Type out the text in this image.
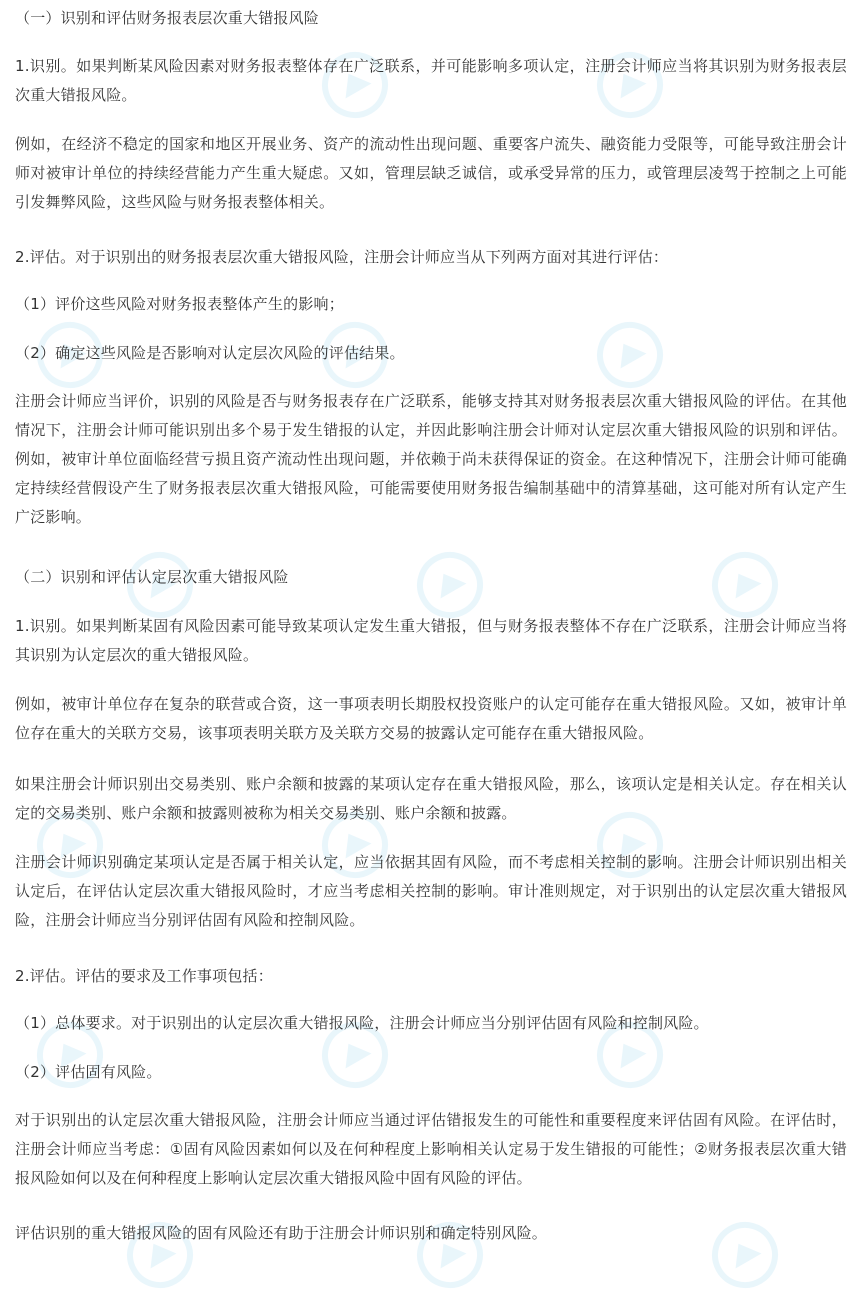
（一）识别和评估财务报表层次重大错报风险

1.识别。如果判断某风险因素对财务报表整体存在广泛联系，并可能影响多项认定，注册会计师应当将其识别为财务报表层次重大错报风险。

例如，在经济不稳定的国家和地区开展业务、资产的流动性出现问题、重要客户流失、融资能力受限等，可能导致注册会计师对被审计单位的持续经营能力产生重大疑虑。又如，管理层缺乏诚信，或承受异常的压力，或管理层凌驾于控制之上可能引发舞弊风险，这些风险与财务报表整体相关。

2.评估。对于识别出的财务报表层次重大错报风险，注册会计师应当从下列两方面对其进行评估：

（1）评价这些风险对财务报表整体产生的影响；

（2）确定这些风险是否影响对认定层次风险的评估结果。

注册会计师应当评价，识别的风险是否与财务报表存在广泛联系，能够支持其对财务报表层次重大错报风险的评估。在其他情况下，注册会计师可能识别出多个易于发生错报的认定，并因此影响注册会计师对认定层次重大错报风险的识别和评估。例如，被审计单位面临经营亏损且资产流动性出现问题，并依赖于尚未获得保证的资金。在这种情况下，注册会计师可能确定持续经营假设产生了财务报表层次重大错报风险，可能需要使用财务报告编制基础中的清算基础，这可能对所有认定产生广泛影响。

（二）识别和评估认定层次重大错报风险

1.识别。如果判断某固有风险因素可能导致某项认定发生重大错报，但与财务报表整体不存在广泛联系，注册会计师应当将其识别为认定层次的重大错报风险。

例如，被审计单位存在复杂的联营或合资，这一事项表明长期股权投资账户的认定可能存在重大错报风险。又如，被审计单位存在重大的关联方交易，该事项表明关联方及关联方交易的披露认定可能存在重大错报风险。

如果注册会计师识别出交易类别、账户余额和披露的某项认定存在重大错报风险，那么，该项认定是相关认定。存在相关认定的交易类别、账户余额和披露则被称为相关交易类别、账户余额和披露。

注册会计师识别确定某项认定是否属于相关认定，应当依据其固有风险，而不考虑相关控制的影响。注册会计师识别出相关认定后，在评估认定层次重大错报风险时，才应当考虑相关控制的影响。审计准则规定，对于识别出的认定层次重大错报风险，注册会计师应当分别评估固有风险和控制风险。

2.评估。评估的要求及工作事项包括：

（1）总体要求。对于识别出的认定层次重大错报风险，注册会计师应当分别评估固有风险和控制风险。

（2）评估固有风险。

对于识别出的认定层次重大错报风险，注册会计师应当通过评估错报发生的可能性和重要程度来评估固有风险。在评估时，注册会计师应当考虑：①固有风险因素如何以及在何种程度上影响相关认定易于发生错报的可能性；②财务报表层次重大错报风险如何以及在何种程度上影响认定层次重大错报风险中固有风险的评估。

评估识别的重大错报风险的固有风险还有助于注册会计师识别和确定特别风险。
